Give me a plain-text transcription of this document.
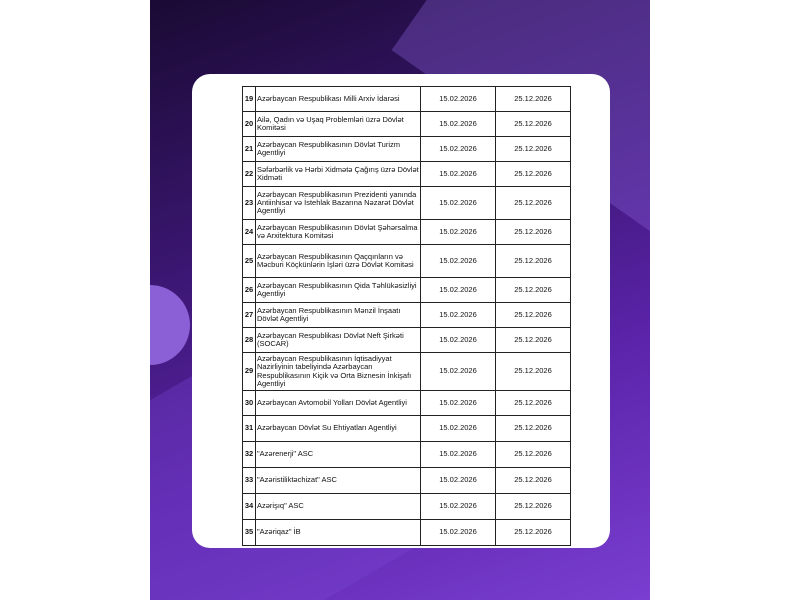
19	Azərbaycan Respublikası Milli Arxiv İdarəsi	15.02.2026	25.12.2026
20	Ailə, Qadın və Uşaq Problemləri üzrə Dövlət Komitəsi	15.02.2026	25.12.2026
21	Azərbaycan Respublikasının Dövlət Turizm Agentliyi	15.02.2026	25.12.2026
22	Səfərbərlik və Hərbi Xidmətə Çağırış üzrə Dövlət Xidməti	15.02.2026	25.12.2026
23	Azərbaycan Respublikasının Prezidenti yanında Antiinhisar və İstehlak Bazarına Nəzarət Dövlət Agentliyi	15.02.2026	25.12.2026
24	Azərbaycan Respublikasının Dövlət Şəhərsalma və Arxitektura Komitəsi	15.02.2026	25.12.2026
25	Azərbaycan Respublikasının Qaçqınların və Məcburi Köçkünlərin İşləri üzrə Dövlət Komitəsi	15.02.2026	25.12.2026
26	Azərbaycan Respublikasının Qida Təhlükəsizliyi Agentliyi	15.02.2026	25.12.2026
27	Azərbaycan Respublikasının Mənzil İnşaatı Dövlət Agentliyi	15.02.2026	25.12.2026
28	Azərbaycan Respublikası Dövlət Neft Şirkəti (SOCAR)	15.02.2026	25.12.2026
29	Azərbaycan Respublikasının İqtisadiyyat Nazirliyinin tabeliyində Azərbaycan Respublikasının Kiçik və Orta Biznesin İnkişafı Agentliyi	15.02.2026	25.12.2026
30	Azərbaycan Avtomobil Yolları Dövlət Agentliyi	15.02.2026	25.12.2026
31	Azərbaycan Dövlət Su Ehtiyatları Agentliyi	15.02.2026	25.12.2026
32	"Azərenerji" ASC	15.02.2026	25.12.2026
33	"Azəristiliktəchizat" ASC	15.02.2026	25.12.2026
34	Azərişıq" ASC	15.02.2026	25.12.2026
35	"Azəriqaz" İB	15.02.2026	25.12.2026
